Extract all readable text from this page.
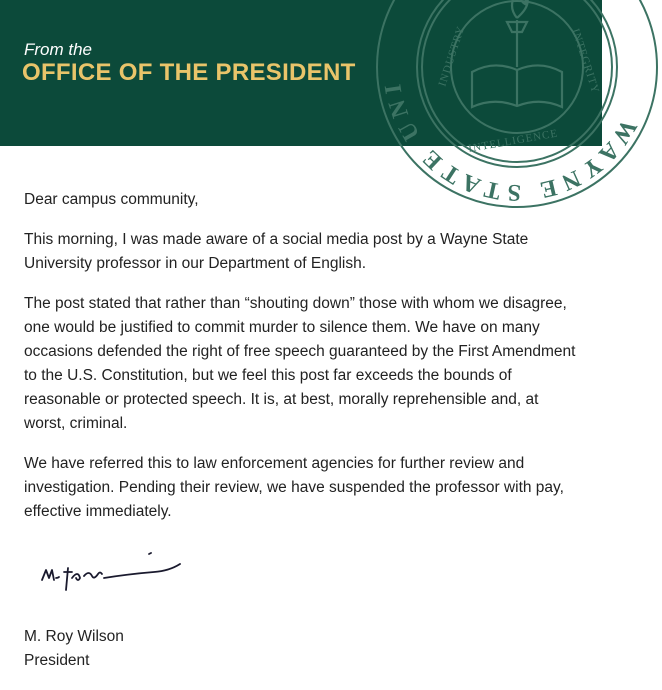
From the
OFFICE OF THE PRESIDENT
WAYNE STATE UNI	INDUSTRY	INTEGRITY
INTELLIGENCE

Dear campus community,

This morning, I was made aware of a social media post by a Wayne State University professor in our Department of English.

The post stated that rather than “shouting down” those with whom we disagree, one would be justified to commit murder to silence them. We have on many occasions defended the right of free speech guaranteed by the First Amendment to the U.S. Constitution, but we feel this post far exceeds the bounds of reasonable or protected speech. It is, at best, morally reprehensible and, at worst, criminal.

We have referred this to law enforcement agencies for further review and investigation. Pending their review, we have suspended the professor with pay, effective immediately.

M. Roy Wilson
President
